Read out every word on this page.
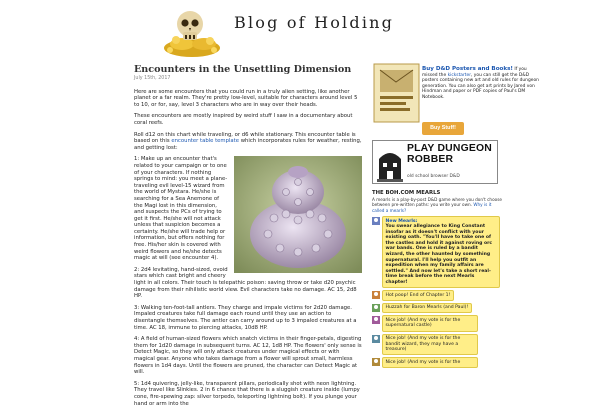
Blog of Holding
Encounters in the Unsettling Dimension
July 15th, 2017

Here are some encounters that you could run in a truly alien setting, like another planet or a far realm. They're pretty low-level, suitable for characters around level 5 to 10, or for, say, level 3 characters who are in way over their heads.

These encounters are mostly inspired by weird stuff I saw in a documentary about coral reefs.

Roll d12 on this chart while traveling, or d6 while stationary. This encounter table is based on this encounter table template which incorporates rules for weather, resting, and getting lost:

1: Make up an encounter that's related to your campaign or to one of your characters. If nothing springs to mind: you meet a plane-traveling evil level-15 wizard from the world of Mystara. He/she is searching for a Sea Anemone of the Magi lost in this dimension, and suspects the PCs of trying to get it first. He/she will not attack unless that suspicion becomes a certainty. He/she will trade help or information, but offers nothing for free. His/her skin is covered with weird flowers and he/she detects magic at will (see encounter 4).

2: 2d4 levitating, hand-sized, ovoid stars which cast bright and cheery light in all colors. Their touch is telepathic poison: saving throw or take d20 psychic damage from their nihilistic world view. Evil characters take no damage. AC 15, 2d8 HP.

3: Walking ten-foot-tall antlers. They charge and impale victims for 2d20 damage. Impaled creatures take full damage each round until they use an action to disentangle themselves. The antler can carry around up to 3 impaled creatures at a time. AC 18, immune to piercing attacks, 10d8 HP.

4: A field of human-sized flowers which snatch victims in their finger-petals, digesting them for 1d20 damage in subsequent turns. AC 12, 1d8 HP. The flowers' only sense is Detect Magic, so they will only attack creatures under magical effects or with magical gear. Anyone who takes damage from a flower will sprout small, harmless flowers in 1d4 days. Until the flowers are pruned, the character can Detect Magic at will.

5: 1d4 quivering, jelly-like, transparent pillars, periodically shot with neon lightning. They travel like Slinkies. 2 in 6 chance that there is a sluggish creature inside (lumpy cone, fire-spewing zap: silver torpedo, teleporting lightning bolt). If you plunge your hand or arm into the

Buy D&D Posters and Books! If you missed the kickstarter, you can still get the D&D posters containing new art and old rules for dungeon generation. You can also get art prints by Jared von Hindman and paper or PDF copies of Paul's DM Notebook.
Buy Stuff!
PLAY DUNGEON ROBBER
old school browser D&D
THE BOH.COM MEARLS
A mearls is a play-by-post D&D game where you don't choose between pre-written paths: you write your own. Why is it called a mearls?
New Mearls:
You swear allegiance to King Constant insofar as it doesn't conflict with your existing oath. "You'll have to take one of the castles and hold it against roving orc war bands. One is ruled by a bandit wizard, the other haunted by something supernatural. I'll help you outfit an expedition when my family affairs are settled." And now let's take a short real-time break before the next Mearls chapter!
Hot poop! End of Chapter 1!
Huzzah for Baron Mearls (and Paul)!
Nice job! (And my vote is for the supernatural castle)
Nice job! (And my vote is for the bandit wizard, they may have a treasure)
Nice job! (And my vote is for the
